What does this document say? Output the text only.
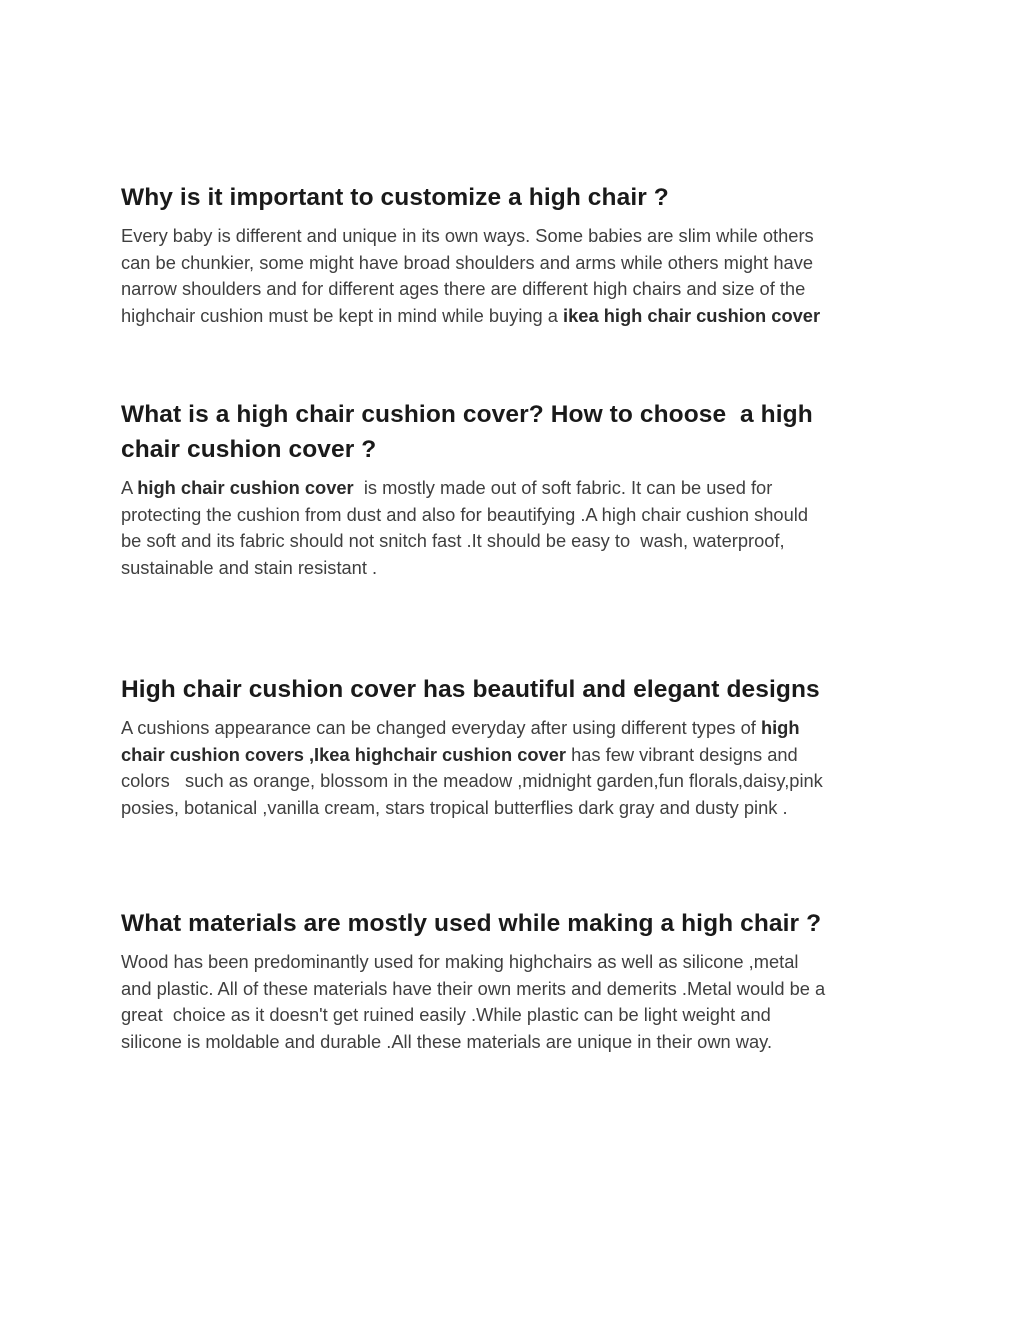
Why is it important to customize a high chair ?

Every baby is different and unique in its own ways. Some babies are slim while others
can be chunkier, some might have broad shoulders and arms while others might have
narrow shoulders and for different ages there are different high chairs and size of the
highchair cushion must be kept in mind while buying a ikea high chair cushion cover

What is a high chair cushion cover? How to choose  a high
chair cushion cover ?

A high chair cushion cover  is mostly made out of soft fabric. It can be used for
protecting the cushion from dust and also for beautifying .A high chair cushion should
be soft and its fabric should not snitch fast .It should be easy to  wash, waterproof,
sustainable and stain resistant .

High chair cushion cover has beautiful and elegant designs

A cushions appearance can be changed everyday after using different types of high
chair cushion covers ,Ikea highchair cushion cover has few vibrant designs and
colors   such as orange, blossom in the meadow ,midnight garden,fun florals,daisy,pink
posies, botanical ,vanilla cream, stars tropical butterflies dark gray and dusty pink .

What materials are mostly used while making a high chair ?

Wood has been predominantly used for making highchairs as well as silicone ,metal
and plastic. All of these materials have their own merits and demerits .Metal would be a
great  choice as it doesn't get ruined easily .While plastic can be light weight and
silicone is moldable and durable .All these materials are unique in their own way.
